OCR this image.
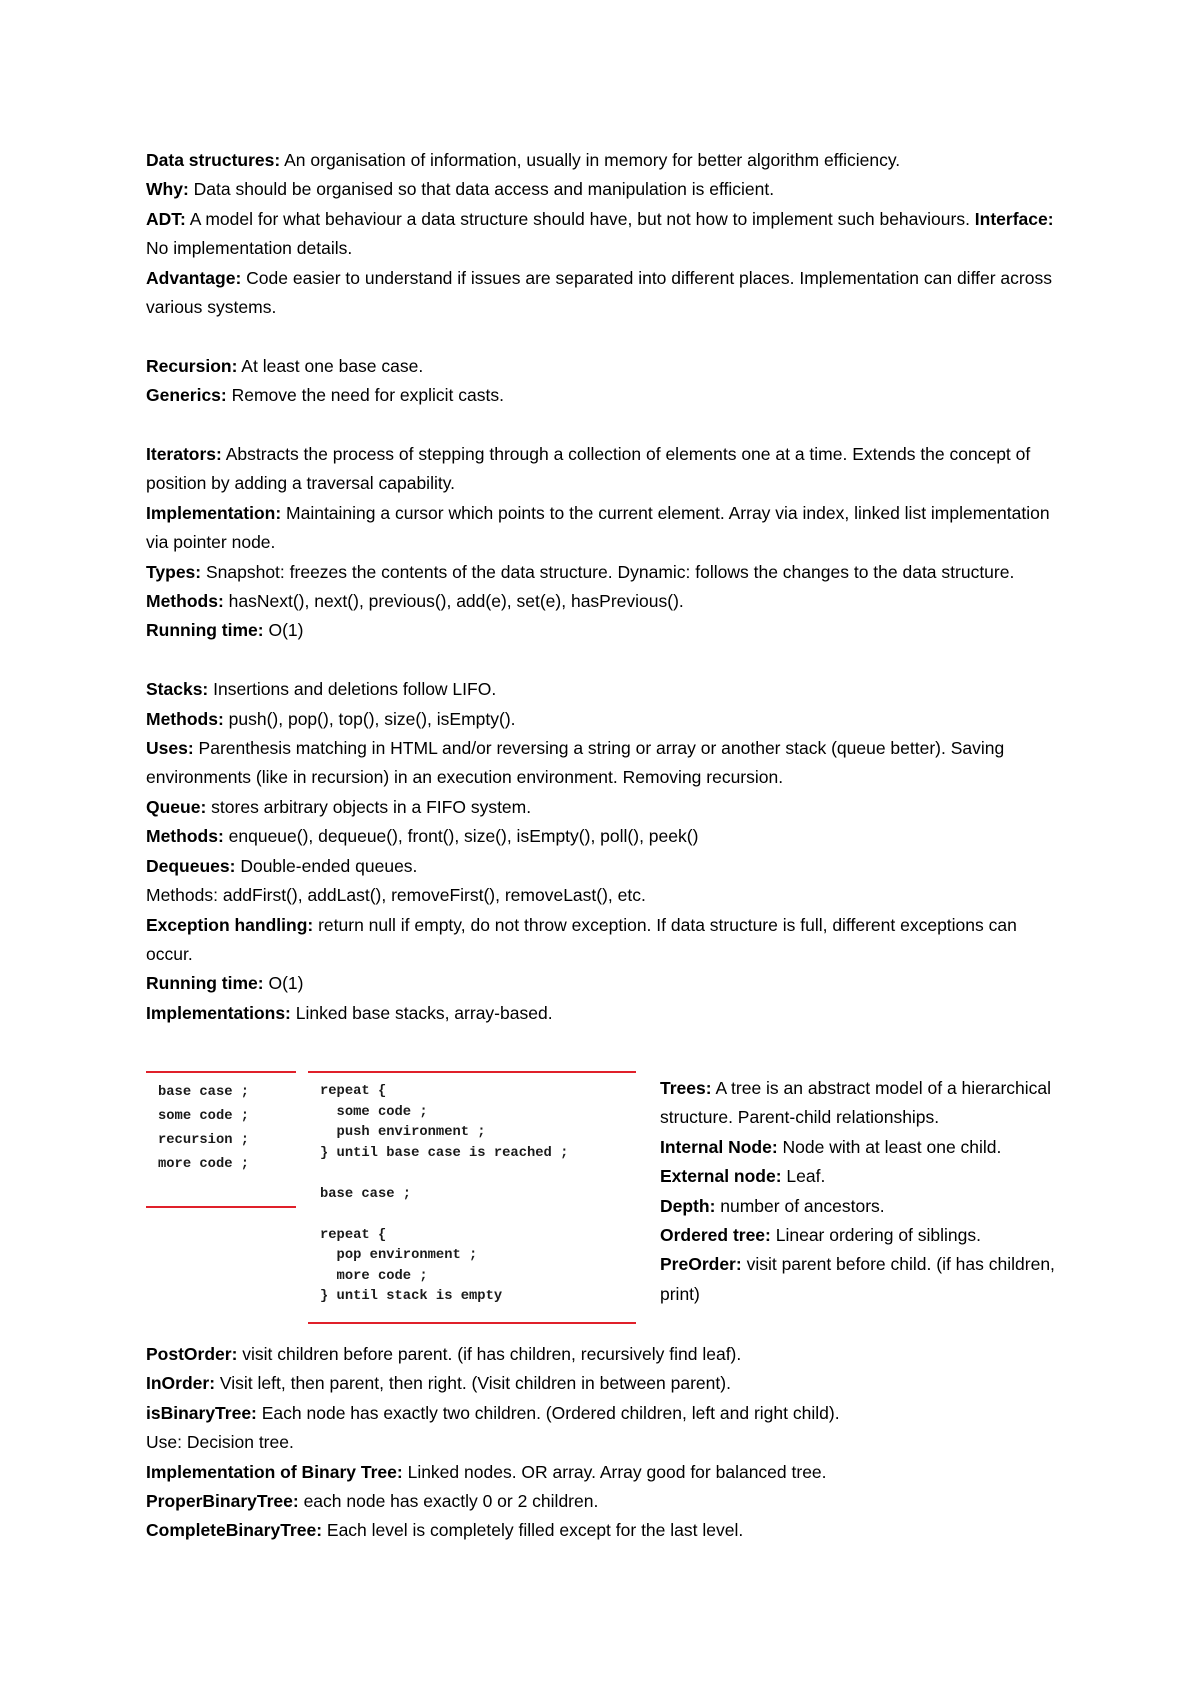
Data structures: An organisation of information, usually in memory for better algorithm efficiency.

Why: Data should be organised so that data access and manipulation is efficient.

ADT: A model for what behaviour a data structure should have, but not how to implement such behaviours. Interface: No implementation details.

Advantage: Code easier to understand if issues are separated into different places. Implementation can differ across various systems.

Recursion: At least one base case.

Generics: Remove the need for explicit casts.

Iterators: Abstracts the process of stepping through a collection of elements one at a time. Extends the concept of position by adding a traversal capability.

Implementation: Maintaining a cursor which points to the current element. Array via index, linked list implementation via pointer node.

Types: Snapshot: freezes the contents of the data structure. Dynamic: follows the changes to the data structure.

Methods: hasNext(), next(), previous(), add(e), set(e), hasPrevious().

Running time: O(1)

Stacks: Insertions and deletions follow LIFO.

Methods: push(), pop(), top(), size(), isEmpty().

Uses: Parenthesis matching in HTML and/or reversing a string or array or another stack (queue better). Saving environments (like in recursion) in an execution environment. Removing recursion.

Queue: stores arbitrary objects in a FIFO system.

Methods: enqueue(), dequeue(), front(), size(), isEmpty(), poll(), peek()

Dequeues: Double-ended queues.

Methods: addFirst(), addLast(), removeFirst(), removeLast(), etc.

Exception handling: return null if empty, do not throw exception. If data structure is full, different exceptions can occur.

Running time: O(1)

Implementations: Linked base stacks, array-based.

base case ;
some code ;
recursion ;
more code ;
repeat {
some code ;
push environment ;
} until base case is reached ;
base case ;
repeat {
pop environment ;
more code ;
} until stack is empty

Trees: A tree is an abstract model of a hierarchical structure. Parent-child relationships.

Internal Node: Node with at least one child.

External node: Leaf.

Depth: number of ancestors.

Ordered tree: Linear ordering of siblings.

PreOrder: visit parent before child. (if has children, print)

PostOrder: visit children before parent. (if has children, recursively find leaf).

InOrder: Visit left, then parent, then right. (Visit children in between parent).

isBinaryTree: Each node has exactly two children. (Ordered children, left and right child).

Use: Decision tree.

Implementation of Binary Tree: Linked nodes. OR array. Array good for balanced tree.

ProperBinaryTree: each node has exactly 0 or 2 children.

CompleteBinaryTree: Each level is completely filled except for the last level.
